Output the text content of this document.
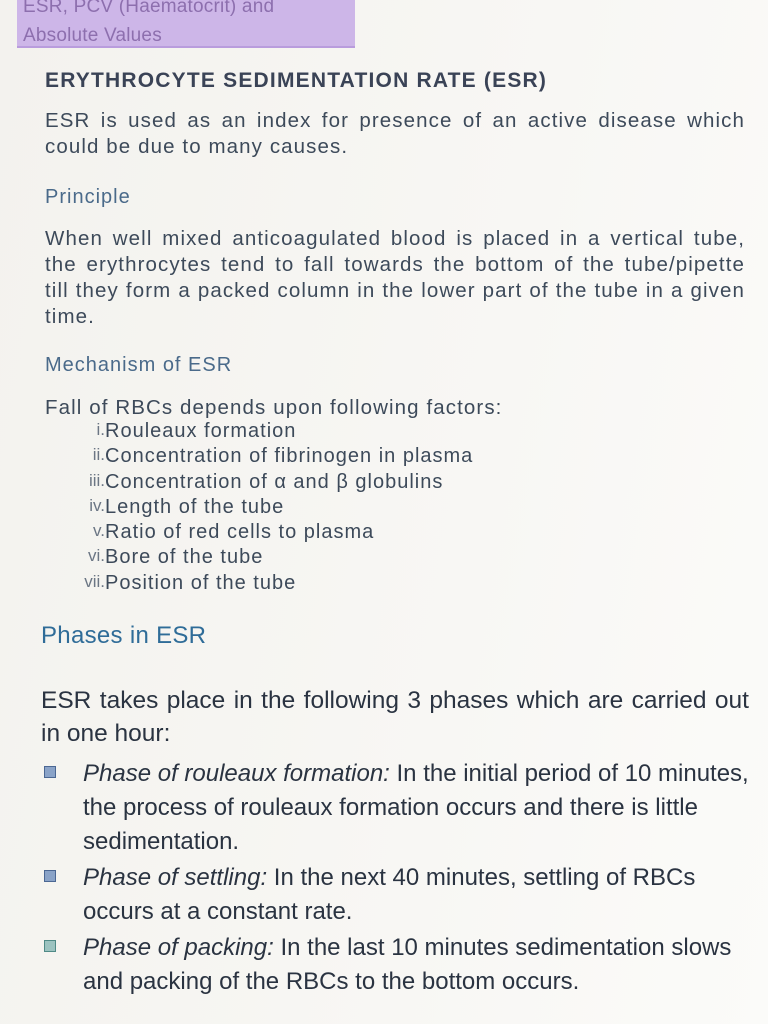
ESR, PCV (Haematocrit) and
Absolute Values
ERYTHROCYTE SEDIMENTATION RATE (ESR)
ESR is used as an index for presence of an active disease which could be due to many causes.
Principle
When well mixed anticoagulated blood is placed in a vertical tube, the erythrocytes tend to fall towards the bottom of the tube/pipette till they form a packed column in the lower part of the tube in a given time.
Mechanism of ESR
Fall of RBCs depends upon following factors:
i. Rouleaux formation
ii. Concentration of fibrinogen in plasma
iii. Concentration of α and β globulins
iv. Length of the tube
v. Ratio of red cells to plasma
vi. Bore of the tube
vii. Position of the tube
Phases in ESR
ESR takes place in the following 3 phases which are carried out in one hour:
Phase of rouleaux formation: In the initial period of 10 minutes, the process of rouleaux formation occurs and there is little sedimentation.
Phase of settling: In the next 40 minutes, settling of RBCs occurs at a constant rate.
Phase of packing: In the last 10 minutes sedimentation slows and packing of the RBCs to the bottom occurs.
